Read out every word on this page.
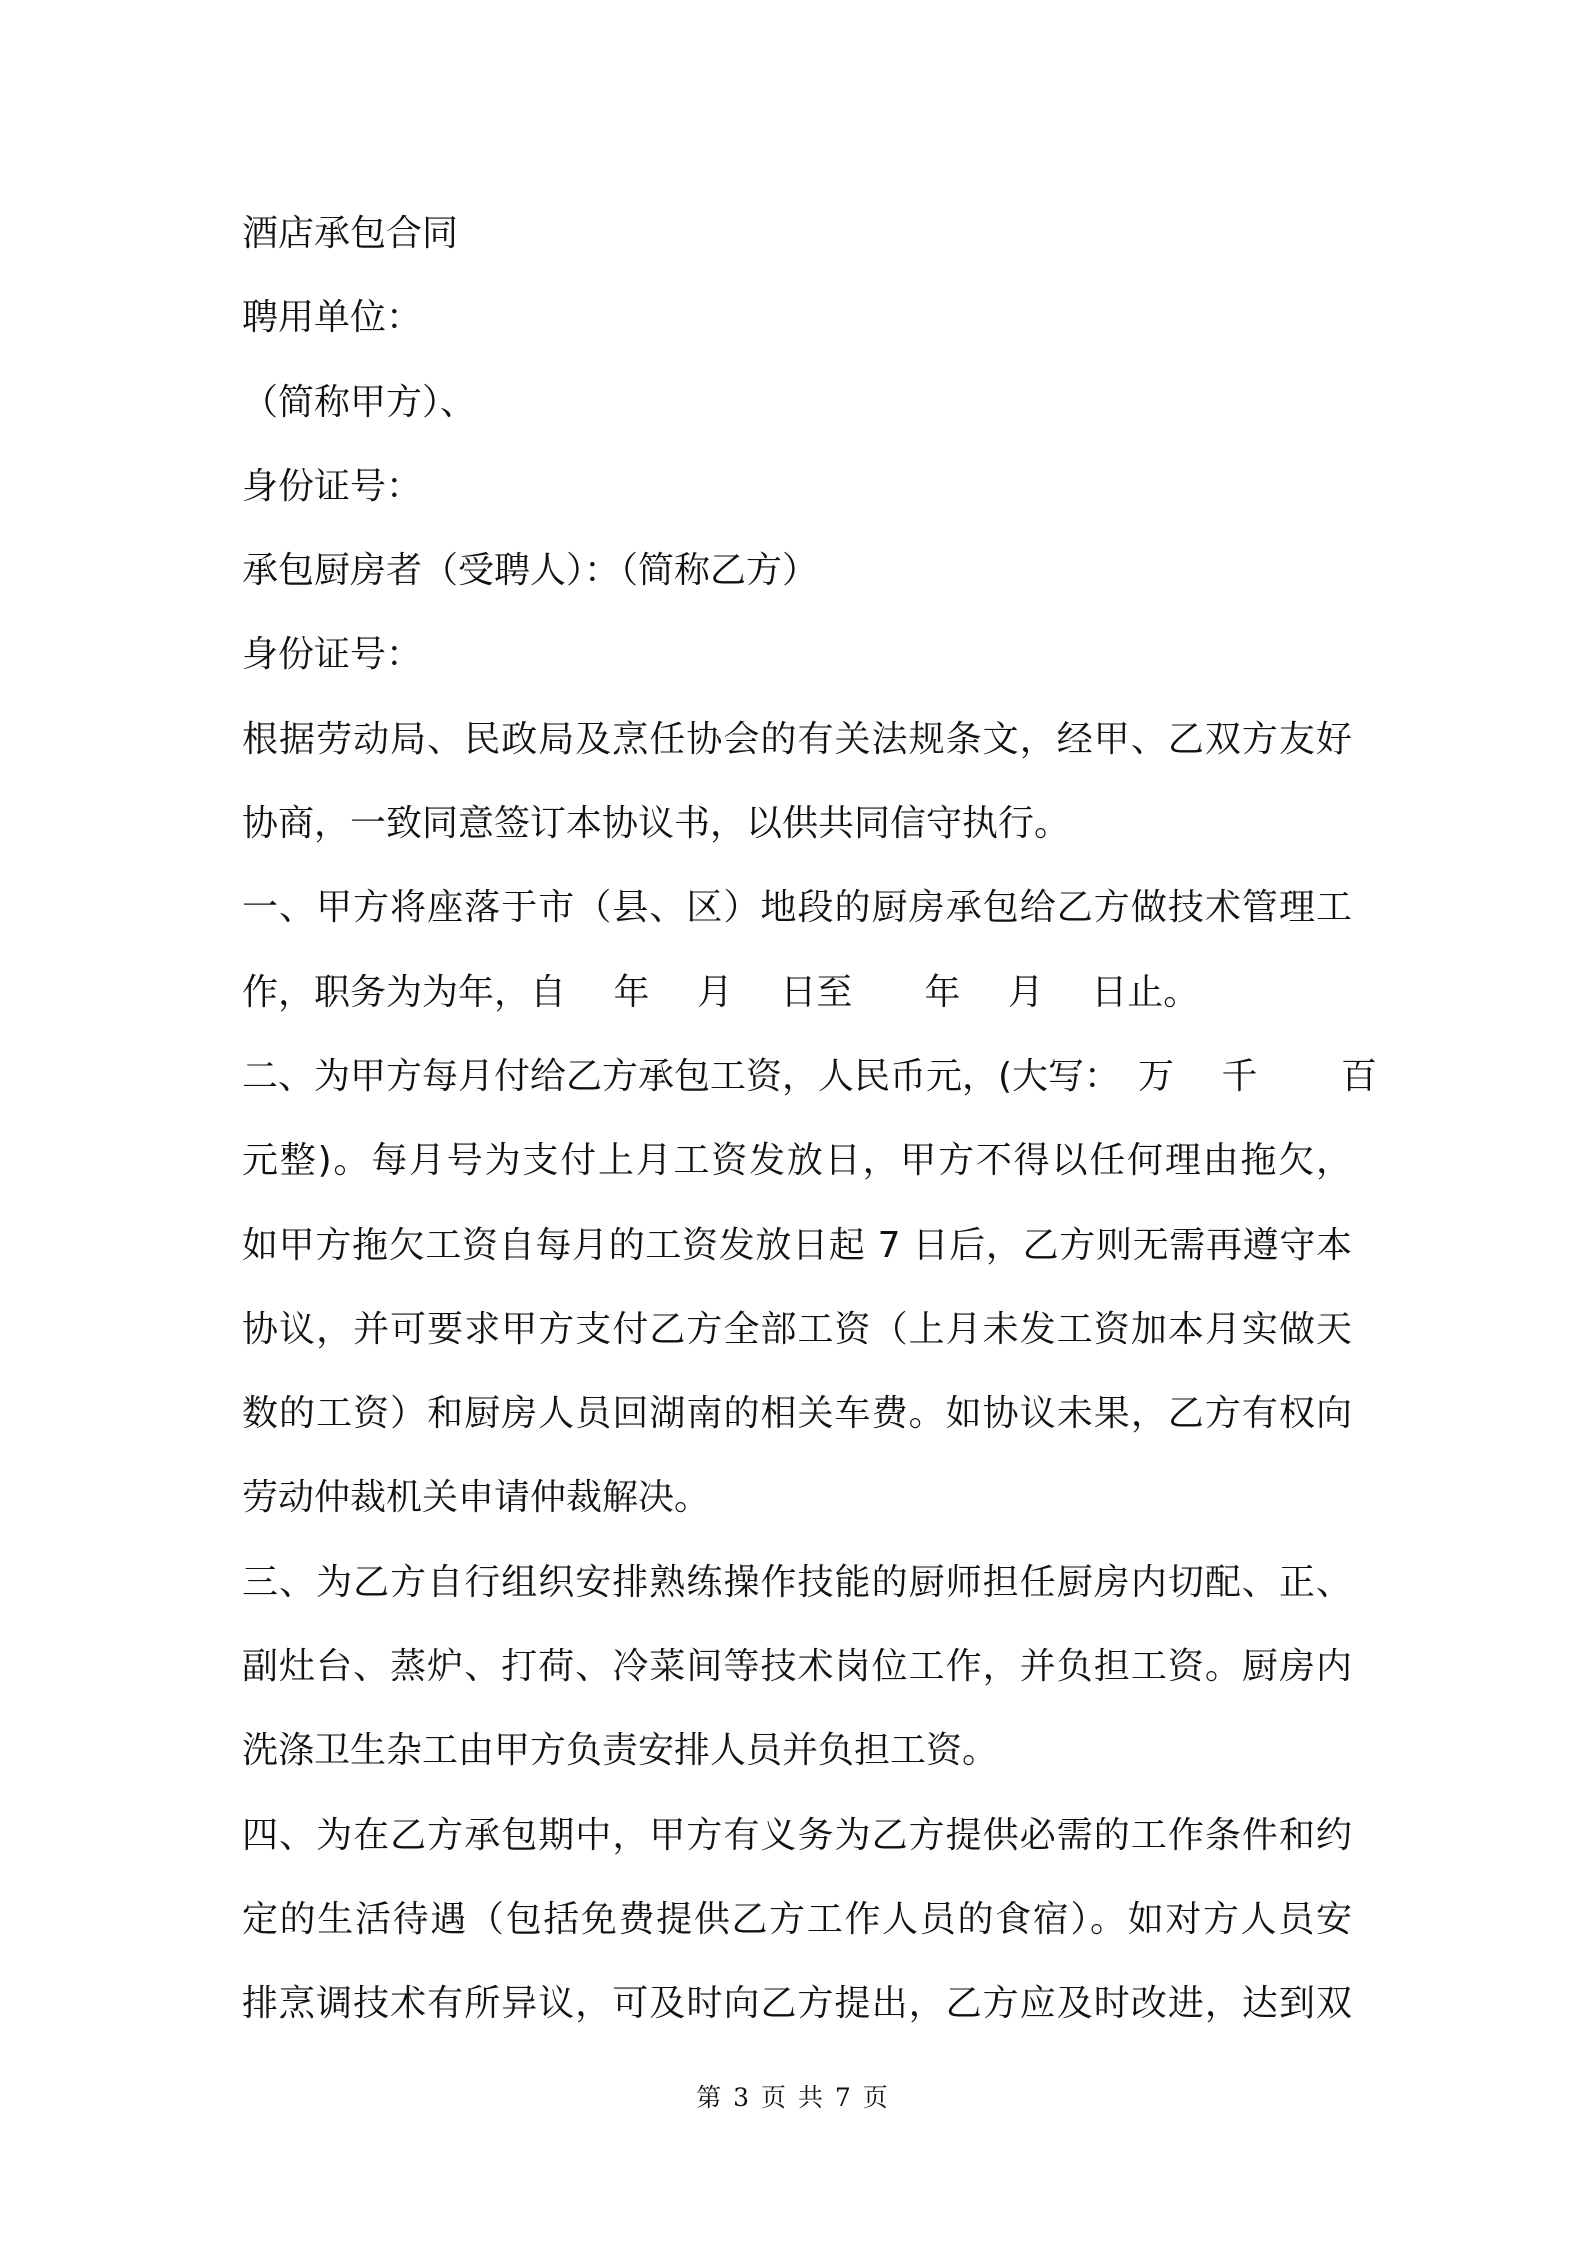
酒店承包合同
聘用单位：
（简称甲方）、
身份证号：
承包厨房者（受聘人）：（简称乙方）
身份证号：
根据劳动局、民政局及烹任协会的有关法规条文，经甲、乙双方友好
协商，一致同意签订本协议书，以供共同信守执行。
一、甲方将座落于市（县、区）地段的厨房承包给乙方做技术管理工
作，职务为为年，自　 年　 月　 日至　　年　 月　 日止。
二、为甲方每月付给乙方承包工资，人民币元，(大写：　万　 千　　 百
元整)。每月号为支付上月工资发放日，甲方不得以任何理由拖欠，
如甲方拖欠工资自每月的工资发放日起 7 日后，乙方则无需再遵守本
协议，并可要求甲方支付乙方全部工资（上月未发工资加本月实做天
数的工资）和厨房人员回湖南的相关车费。如协议未果，乙方有权向
劳动仲裁机关申请仲裁解决。
三、为乙方自行组织安排熟练操作技能的厨师担任厨房内切配、正、
副灶台、蒸炉、打荷、冷菜间等技术岗位工作，并负担工资。厨房内
洗涤卫生杂工由甲方负责安排人员并负担工资。
四、为在乙方承包期中，甲方有义务为乙方提供必需的工作条件和约
定的生活待遇（包括免费提供乙方工作人员的食宿）。如对方人员安
排烹调技术有所异议，可及时向乙方提出，乙方应及时改进，达到双
第 3 页 共 7 页
